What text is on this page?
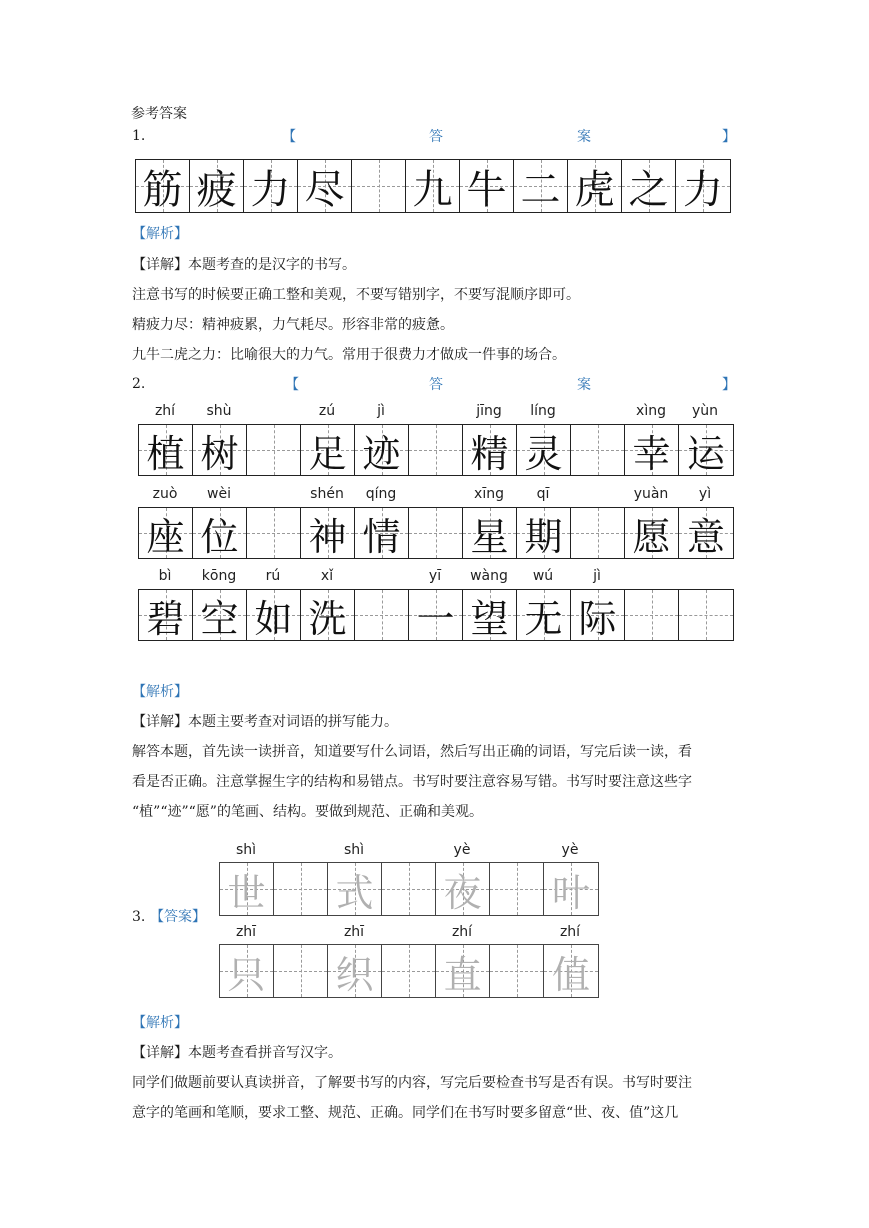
参考答案
1.	【	答	案	】
筋 疲 力 尽 九 牛 二 虎 之 力
【解析】
【详解】本题考查的是汉字的书写。
注意书写的时候要正确工整和美观，不要写错别字，不要写混顺序即可。
精疲力尽：精神疲累，力气耗尽。形容非常的疲惫。
九牛二虎之力：比喻很大的力气。常用于很费力才做成一件事的场合。
2.	【	答	案	】
zhí	shù	zú	jì	jīng	líng	xìng	yùn
植 树 足 迹 精 灵 幸 运
zuò	wèi	shén	qíng	xīng	qī	yuàn	yì
座 位 神 情 星 期 愿 意
bì	kōng	rú	xǐ	yī	wàng	wú	jì
碧 空 如 洗 一 望 无 际
【解析】
【详解】本题主要考查对词语的拼写能力。
解答本题，首先读一读拼音，知道要写什么词语，然后写出正确的词语，写完后读一读，看
看是否正确。注意掌握生字的结构和易错点。书写时要注意容易写错。书写时要注意这些字
“植”“迹”“愿”的笔画、结构。要做到规范、正确和美观。
3. 【答案】
shì	shì	yè	yè
世 式 夜 叶
zhī	zhī	zhí	zhí
只 织 直 值
【解析】
【详解】本题考查看拼音写汉字。
同学们做题前要认真读拼音，了解要书写的内容，写完后要检查书写是否有误。书写时要注
意字的笔画和笔顺，要求工整、规范、正确。同学们在书写时要多留意“世、夜、值”这几
